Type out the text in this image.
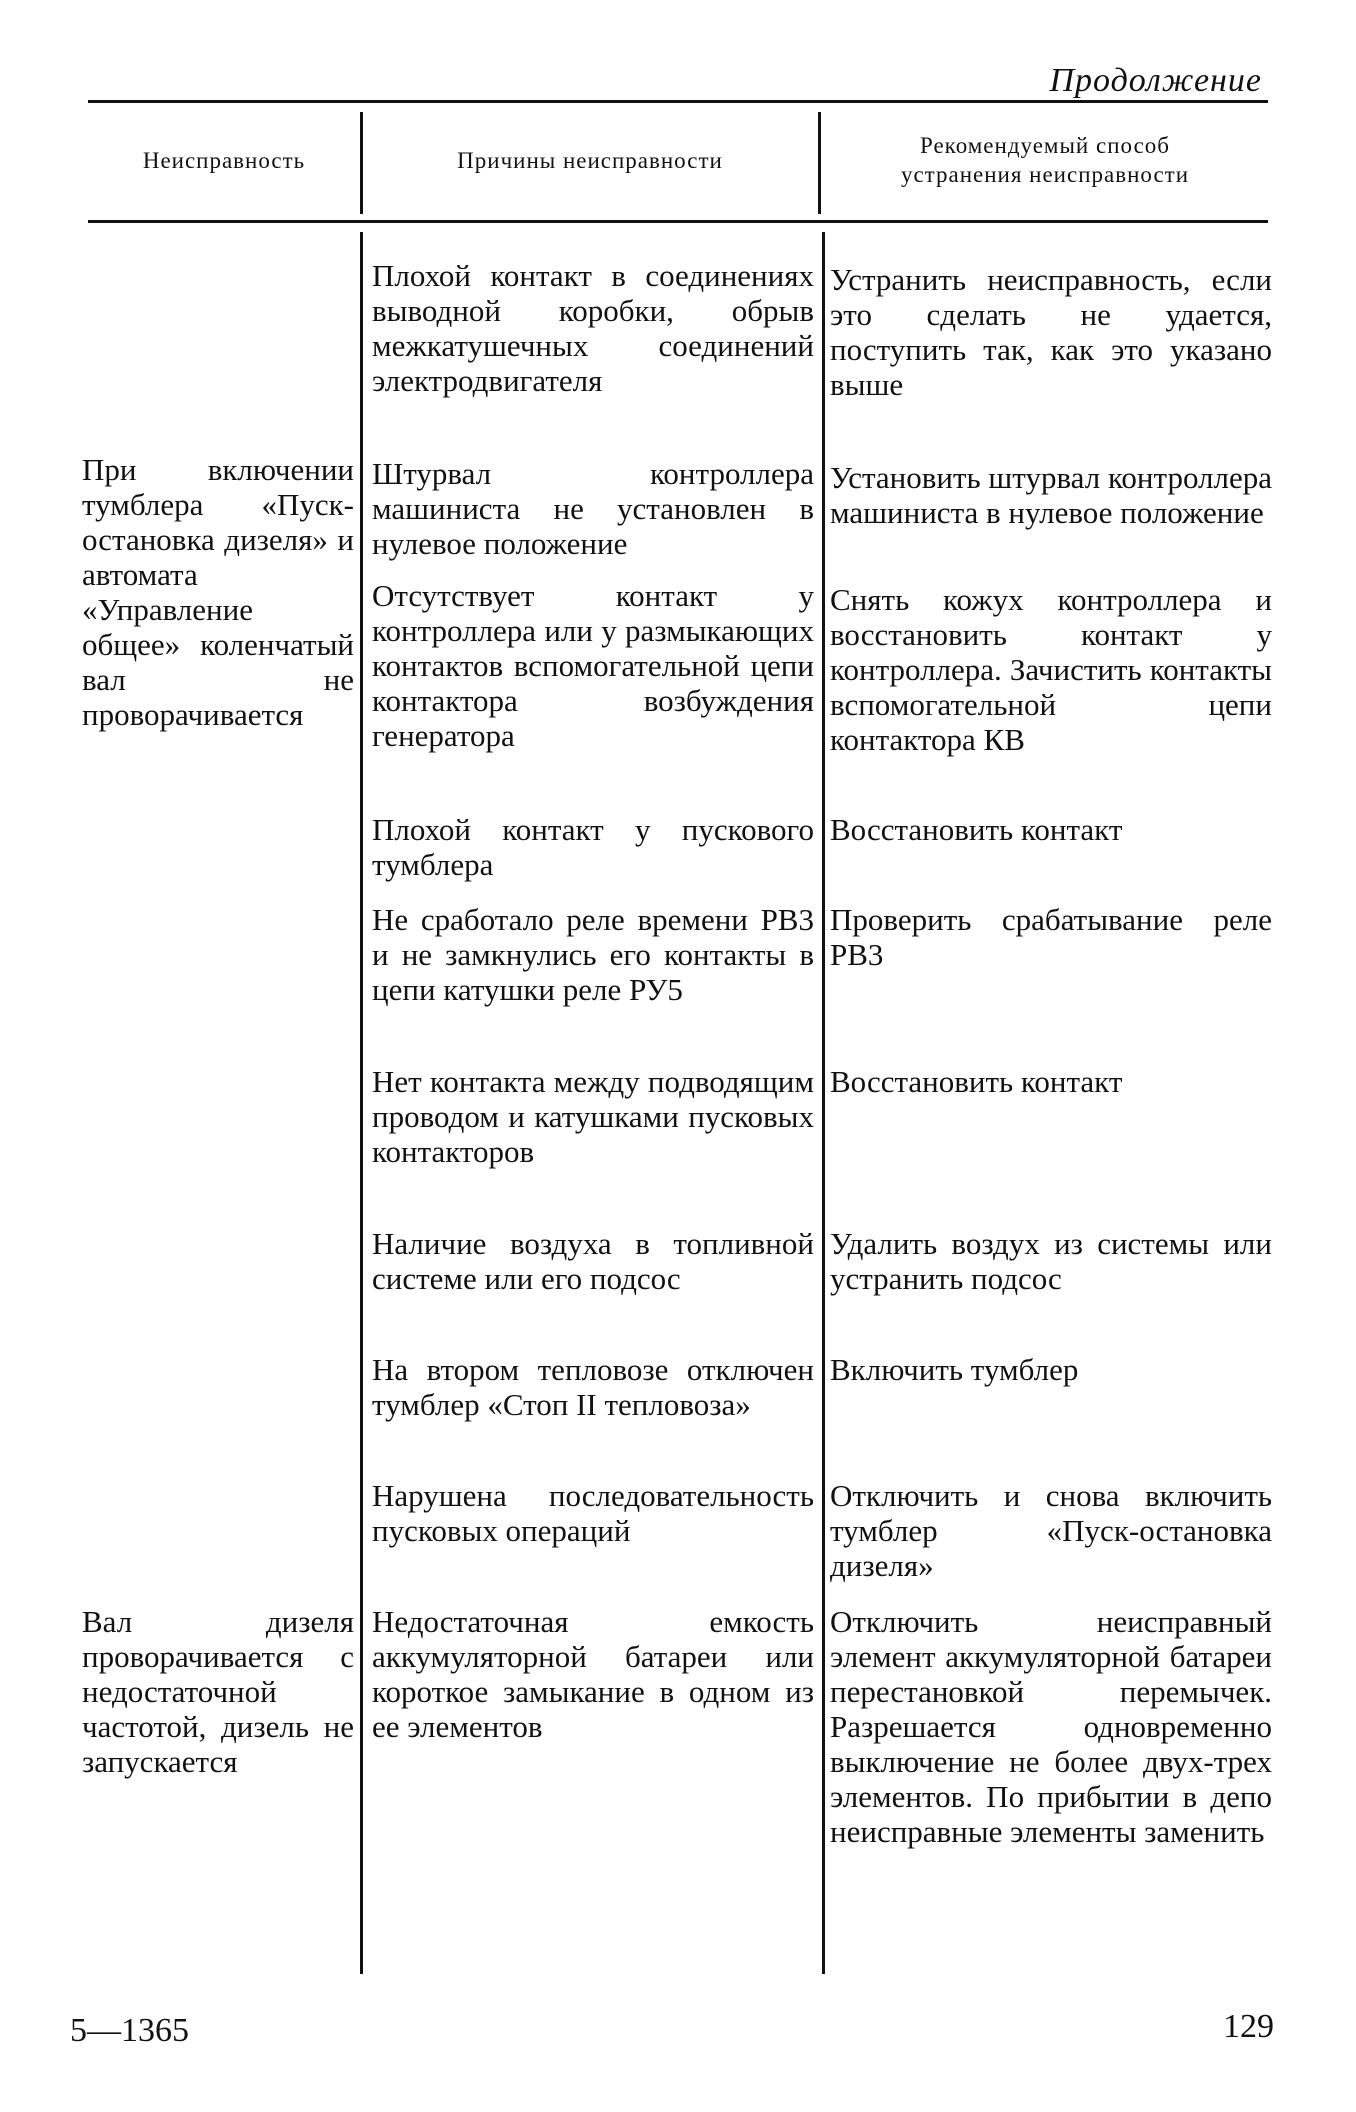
Продолжение
Неисправность	Причины неисправности
Рекомендуемый способ
устранения неисправности
При включении тумблера «Пуск-остановка дизеля» и автомата «Управление общее» коленчатый вал не проворачивается
Вал дизеля проворачивается с недостаточной частотой, дизель не запускается
Плохой контакт в соединениях выводной коробки, обрыв межкатушечных соединений электродвигателя
Устранить неисправность, если это сделать не удается, поступить так, как это указано выше
Штурвал контроллера машиниста не установлен в нулевое положение
Установить штурвал контроллера машиниста в нулевое положение
Отсутствует контакт у контроллера или у размыкающих контактов вспомогательной цепи контактора возбуждения генератора
Снять кожух контроллера и восстановить контакт у контроллера. Зачистить контакты вспомогательной цепи контактора КВ
Плохой контакт у пускового тумблера
Восстановить контакт
Не сработало реле времени РВ3 и не замкнулись его контакты в цепи катушки реле РУ5
Проверить срабатывание реле РВ3
Нет контакта между подводящим проводом и катушками пусковых контакторов
Восстановить контакт
Наличие воздуха в топливной системе или его подсос
Удалить воздух из системы или устранить подсос
На втором тепловозе отключен тумблер «Стоп II тепловоза»
Включить тумблер
Нарушена последовательность пусковых операций
Отключить и снова включить тумблер «Пуск-остановка дизеля»
Недостаточная емкость аккумуляторной батареи или короткое замыкание в одном из ее элементов
Отключить неисправный элемент аккумуляторной батареи перестановкой перемычек. Разрешается одновременно выключение не более двух-трех элементов. По прибытии в депо неисправные элементы заменить
5—1365	129
